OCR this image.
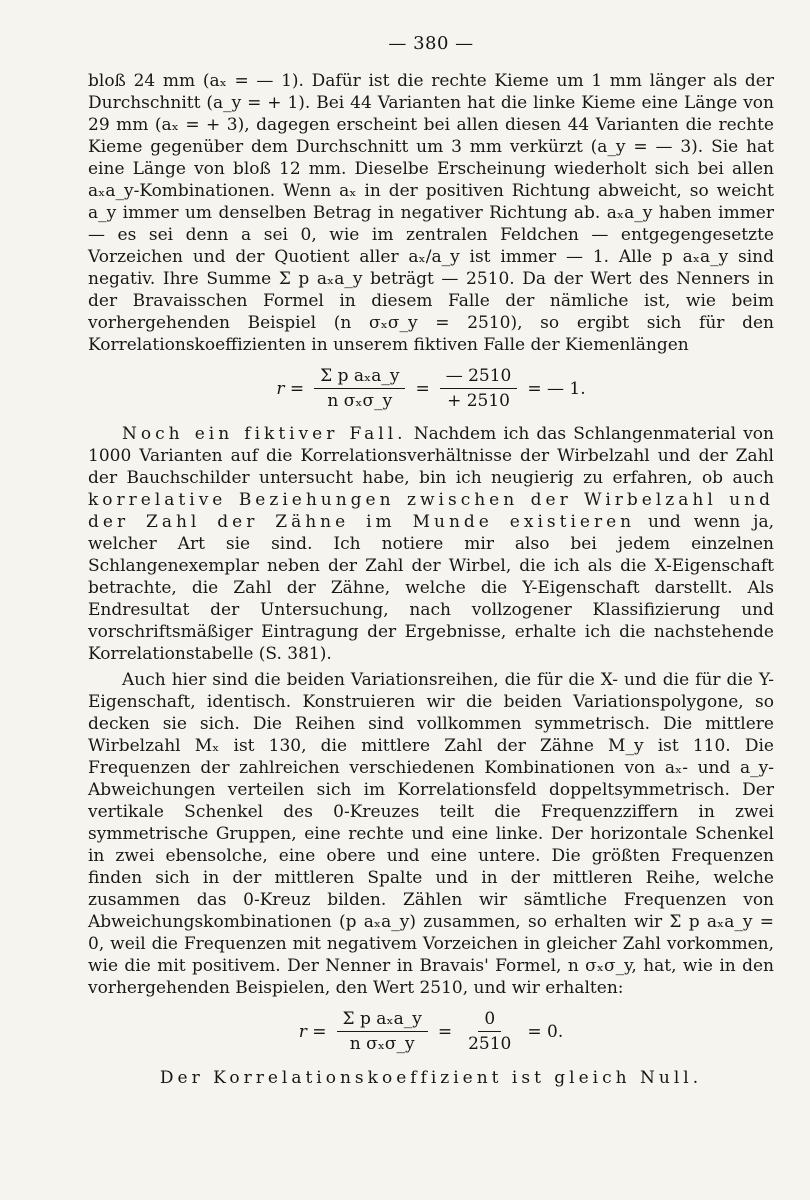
— 380 —

bloß 24 mm (aₓ = — 1). Dafür ist die rechte Kieme um 1 mm länger als der Durchschnitt (a_y = + 1). Bei 44 Varianten hat die linke Kieme eine Länge von 29 mm (aₓ = + 3), dagegen erscheint bei allen diesen 44 Varianten die rechte Kieme gegenüber dem Durchschnitt um 3 mm verkürzt (a_y = — 3). Sie hat eine Länge von bloß 12 mm. Dieselbe Erscheinung wiederholt sich bei allen aₓa_y-Kombinationen. Wenn aₓ in der positiven Richtung abweicht, so weicht a_y immer um denselben Betrag in negativer Richtung ab. aₓa_y haben immer — es sei denn a sei 0, wie im zentralen Feldchen — entgegengesetzte Vorzeichen und der Quotient aller aₓ/a_y ist immer — 1. Alle p aₓa_y sind negativ. Ihre Summe Σ p aₓa_y beträgt — 2510. Da der Wert des Nenners in der Bravaisschen Formel in diesem Falle der nämliche ist, wie beim vorhergehenden Beispiel (n σₓσ_y = 2510), so ergibt sich für den Korrelationskoeffizienten in unserem fiktiven Falle der Kiemenlängen

$r = \frac{\text{Σ p aₓa\_y}}{\text{n σₓσ\_y}} = \frac{— 2510}{+ 2510}$ = — 1.

Noch ein fiktiver Fall. Nachdem ich das Schlangenmaterial von 1000 Varianten auf die Korrelationsverhältnisse der Wirbelzahl und der Zahl der Bauchschilder untersucht habe, bin ich neugierig zu erfahren, ob auch korrelative Beziehungen zwischen der Wirbelzahl und der Zahl der Zähne im Munde existieren und wenn ja, welcher Art sie sind. Ich notiere mir also bei jedem einzelnen Schlangenexemplar neben der Zahl der Wirbel, die ich als die X-Eigenschaft betrachte, die Zahl der Zähne, welche die Y-Eigenschaft darstellt. Als Endresultat der Untersuchung, nach vollzogener Klassifizierung und vorschriftsmäßiger Eintragung der Ergebnisse, erhalte ich die nachstehende Korrelationstabelle (S. 381).

Auch hier sind die beiden Variationsreihen, die für die X- und die für die Y-Eigenschaft, identisch. Konstruieren wir die beiden Variationspolygone, so decken sie sich. Die Reihen sind vollkommen symmetrisch. Die mittlere Wirbelzahl Mₓ ist 130, die mittlere Zahl der Zähne M_y ist 110. Die Frequenzen der zahlreichen verschiedenen Kombinationen von aₓ- und a_y-Abweichungen verteilen sich im Korrelationsfeld doppeltsymmetrisch. Der vertikale Schenkel des 0-Kreuzes teilt die Frequenzziffern in zwei symmetrische Gruppen, eine rechte und eine linke. Der horizontale Schenkel in zwei ebensolche, eine obere und eine untere. Die größten Frequenzen finden sich in der mittleren Spalte und in der mittleren Reihe, welche zusammen das 0-Kreuz bilden. Zählen wir sämtliche Frequenzen von Abweichungskombinationen (p aₓa_y) zusammen, so erhalten wir Σ p aₓa_y = 0, weil die Frequenzen mit negativem Vorzeichen in gleicher Zahl vorkommen, wie die mit positivem. Der Nenner in Bravais' Formel, n σₓσ_y, hat, wie in den vorhergehenden Beispielen, den Wert 2510, und wir erhalten:

$r = \frac{\text{Σ p aₓa\_y}}{\text{n σₓσ\_y}} = \frac{0}{2510} = 0$.
Der Korrelationskoeffizient ist gleich Null.
